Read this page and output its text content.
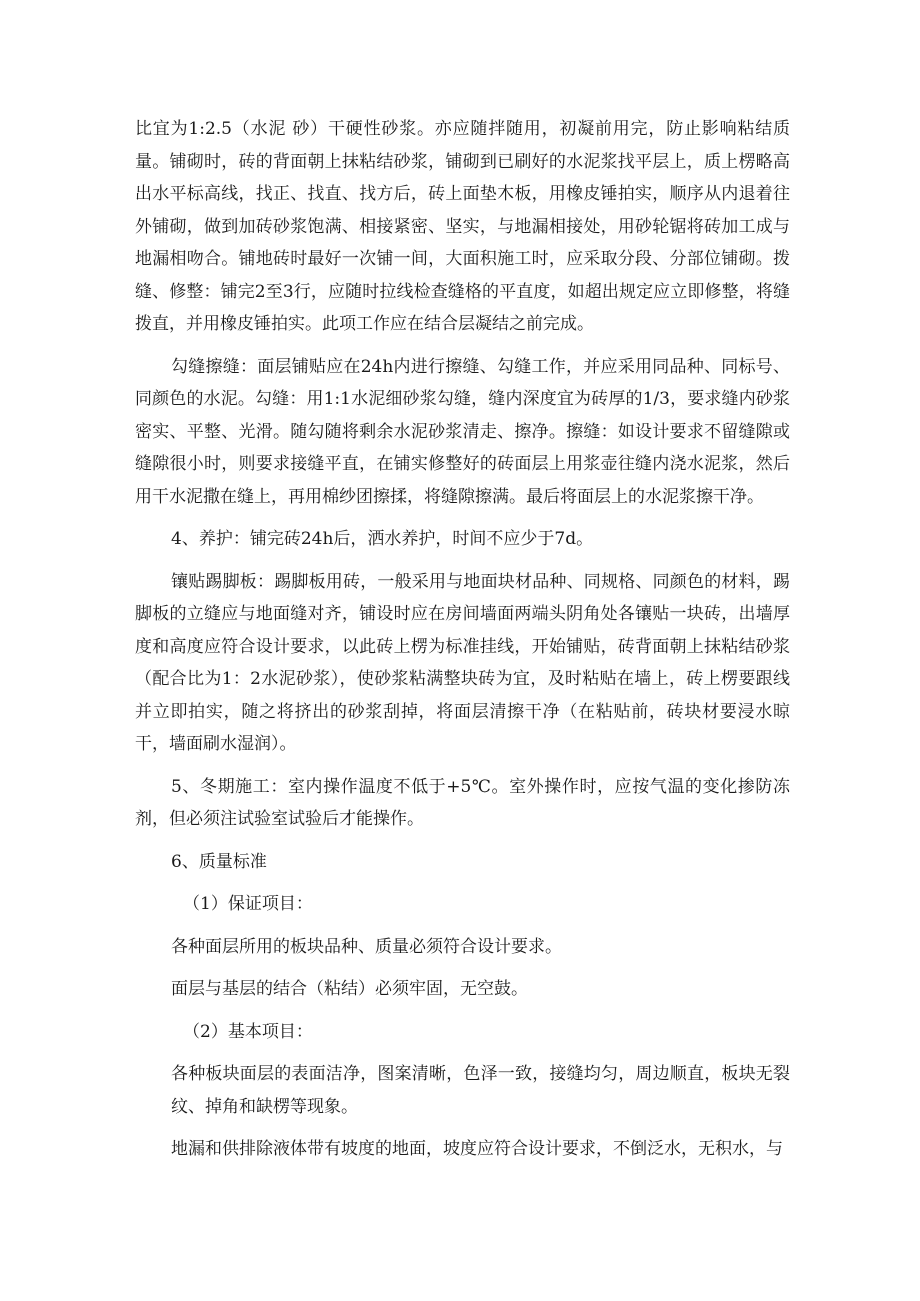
比宜为1:2.5（水泥 砂）干硬性砂浆。亦应随拌随用，初凝前用完，防止影响粘结质量。铺砌时，砖的背面朝上抹粘结砂浆，铺砌到已刷好的水泥浆找平层上，质上楞略高出水平标高线，找正、找直、找方后，砖上面垫木板，用橡皮锤拍实，顺序从内退着往外铺砌，做到加砖砂浆饱满、相接紧密、坚实，与地漏相接处，用砂轮锯将砖加工成与地漏相吻合。铺地砖时最好一次铺一间，大面积施工时，应采取分段、分部位铺砌。拨缝、修整：铺完2至3行，应随时拉线检查缝格的平直度，如超出规定应立即修整，将缝拨直，并用橡皮锤拍实。此项工作应在结合层凝结之前完成。

勾缝擦缝：面层铺贴应在24h内进行擦缝、勾缝工作，并应采用同品种、同标号、同颜色的水泥。勾缝：用1:1水泥细砂浆勾缝，缝内深度宜为砖厚的1/3，要求缝内砂浆密实、平整、光滑。随勾随将剩余水泥砂浆清走、擦净。擦缝：如设计要求不留缝隙或缝隙很小时，则要求接缝平直，在铺实修整好的砖面层上用浆壶往缝内浇水泥浆，然后用干水泥撒在缝上，再用棉纱团擦揉，将缝隙擦满。最后将面层上的水泥浆擦干净。

4、养护：铺完砖24h后，洒水养护，时间不应少于7d。

镶贴踢脚板：踢脚板用砖，一般采用与地面块材品种、同规格、同颜色的材料，踢脚板的立缝应与地面缝对齐，铺设时应在房间墙面两端头阴角处各镶贴一块砖，出墙厚度和高度应符合设计要求，以此砖上楞为标准挂线，开始铺贴，砖背面朝上抹粘结砂浆（配合比为1：2水泥砂浆），使砂浆粘满整块砖为宜，及时粘贴在墙上，砖上楞要跟线并立即拍实，随之将挤出的砂浆刮掉，将面层清擦干净（在粘贴前，砖块材要浸水晾干，墙面刷水湿润）。

5、冬期施工：室内操作温度不低于+5℃。室外操作时，应按气温的变化掺防冻剂，但必须注试验室试验后才能操作。

6、质量标准

（1）保证项目：

各种面层所用的板块品种、质量必须符合设计要求。

面层与基层的结合（粘结）必须牢固，无空鼓。

（2）基本项目：

各种板块面层的表面洁净，图案清晰，色泽一致，接缝均匀，周边顺直，板块无裂纹、掉角和缺楞等现象。

地漏和供排除液体带有坡度的地面，坡度应符合设计要求，不倒泛水，无积水，与
